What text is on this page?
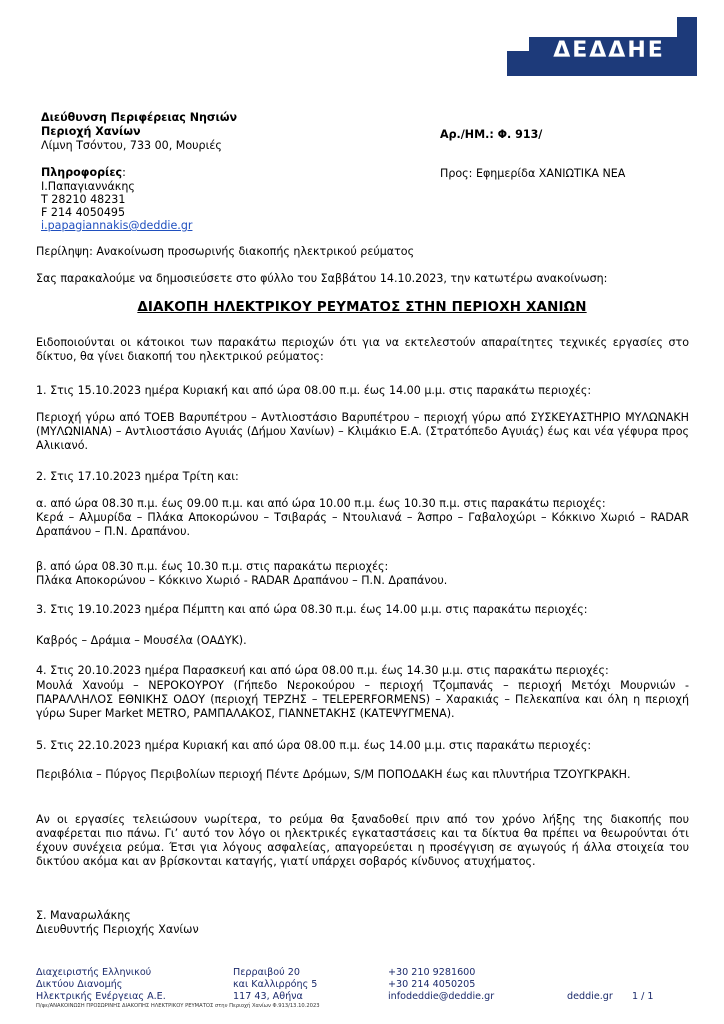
ΔΕΔΔΗΕ
Διεύθυνση Περιφέρειας Νησιών
Περιοχή Χανίων
Λίμνη Τσόντου, 733 00, Μουριές
Αρ./ΗΜ.: Φ. 913/
Πληροφορίες:
Ι.Παπαγιαννάκης
Τ 28210 48231
F 214 4050495
i.papagiannakis@deddie.gr
Προς: Εφημερίδα ΧΑΝΙΩΤΙΚΑ ΝΕΑ
Περίληψη: Ανακοίνωση προσωρινής διακοπής ηλεκτρικού ρεύματος
Σας παρακαλούμε να δημοσιεύσετε στο φύλλο του Σαββάτου 14.10.2023, την κατωτέρω ανακοίνωση:
ΔΙΑΚΟΠΗ ΗΛΕΚΤΡΙΚΟΥ ΡΕΥΜΑΤΟΣ ΣΤΗΝ ΠΕΡΙΟΧΗ ΧΑΝΙΩΝ
Ειδοποιούνται οι κάτοικοι των παρακάτω περιοχών ότι για να εκτελεστούν απαραίτητες τεχνικές εργασίες στο δίκτυο, θα γίνει διακοπή του ηλεκτρικού ρεύματος:
1. Στις 15.10.2023 ημέρα Κυριακή και από ώρα 08.00 π.μ. έως 14.00 μ.μ. στις παρακάτω περιοχές:
Περιοχή γύρω από ΤΟΕΒ Βαρυπέτρου – Αντλιοστάσιο Βαρυπέτρου – περιοχή γύρω από ΣΥΣΚΕΥΑΣΤΗΡΙΟ ΜΥΛΩΝΑΚΗ (ΜΥΛΩΝΙΑΝΑ) – Αντλιοστάσιο Αγυιάς (Δήμου Χανίων) – Κλιμάκιο Ε.Α. (Στρατόπεδο Αγυιάς) έως και νέα γέφυρα προς Αλικιανό.
2. Στις 17.10.2023 ημέρα Τρίτη και:
α. από ώρα 08.30 π.μ. έως 09.00 π.μ. και από ώρα 10.00 π.μ. έως 10.30 π.μ. στις παρακάτω περιοχές:
Κερά – Αλμυρίδα – Πλάκα Αποκορώνου – Τσιβαράς – Ντουλιανά – Άσπρο – Γαβαλοχώρι – Κόκκινο Χωριό – RADAR Δραπάνου – Π.Ν. Δραπάνου.
β. από ώρα 08.30 π.μ. έως 10.30 π.μ. στις παρακάτω περιοχές:
Πλάκα Αποκορώνου – Κόκκινο Χωριό - RADAR Δραπάνου – Π.Ν. Δραπάνου.
3. Στις 19.10.2023 ημέρα Πέμπτη και από ώρα 08.30 π.μ. έως 14.00 μ.μ. στις παρακάτω περιοχές:
Καβρός – Δράμια – Μουσέλα (ΟΑΔΥΚ).
4. Στις 20.10.2023 ημέρα Παρασκευή και από ώρα 08.00 π.μ. έως 14.30 μ.μ. στις παρακάτω περιοχές:
Μουλά Χανούμ – ΝΕΡΟΚΟΥΡΟΥ (Γήπεδο Νεροκούρου – περιοχή Τζομπανάς – περιοχή Μετόχι Μουρνιών - ΠΑΡΑΛΛΗΛΟΣ ΕΘΝΙΚΗΣ ΟΔΟΥ (περιοχή ΤΕΡΖΗΣ – TELEPERFORMENS) – Χαρακιάς – Πελεκαπίνα και όλη η περιοχή γύρω Super Market METRO, ΡΑΜΠΑΛΑΚΟΣ, ΓΙΑΝΝΕΤΑΚΗΣ (ΚΑΤΕΨΥΓΜΕΝΑ).
5. Στις 22.10.2023 ημέρα Κυριακή και από ώρα 08.00 π.μ. έως 14.00 μ.μ. στις παρακάτω περιοχές:
Περιβόλια – Πύργος Περιβολίων περιοχή Πέντε Δρόμων, S/M ΠΟΠΟΔΑΚΗ έως και πλυντήρια ΤΖΟΥΓΚΡΑΚΗ.
Αν οι εργασίες τελειώσουν νωρίτερα, το ρεύμα θα ξαναδοθεί πριν από τον χρόνο λήξης της διακοπής που αναφέρεται πιο πάνω. Γι’ αυτό τον λόγο οι ηλεκτρικές εγκαταστάσεις και τα δίκτυα θα πρέπει να θεωρούνται ότι έχουν συνέχεια ρεύμα. Έτσι για λόγους ασφαλείας, απαγορεύεται η προσέγγιση σε αγωγούς ή άλλα στοιχεία του δικτύου ακόμα και αν βρίσκονται καταγής, γιατί υπάρχει σοβαρός κίνδυνος ατυχήματος.
Σ. Μαναρωλάκης
Διευθυντής Περιοχής Χανίων
Διαχειριστής Ελληνικού
Δικτύου Διανομής
Ηλεκτρικής Ενέργειας Α.Ε.
Περραιβού 20
και Καλλιρρόης 5
117 43, Αθήνα
+30 210 9281600
+30 214 4050205
infodeddie@deddie.gr	deddie.gr 1 / 1
Π/φε/ΑΝΑΚΟΙΝΩΣΗ ΠΡΟΣΩΡΙΝΗΣ ΔΙΑΚΟΠΗΣ ΗΛΕΚΤΡΙΚΟΥ ΡΕΥΜΑΤΟΣ στην Περιοχή Χανίων Φ.913/13.10.2023
